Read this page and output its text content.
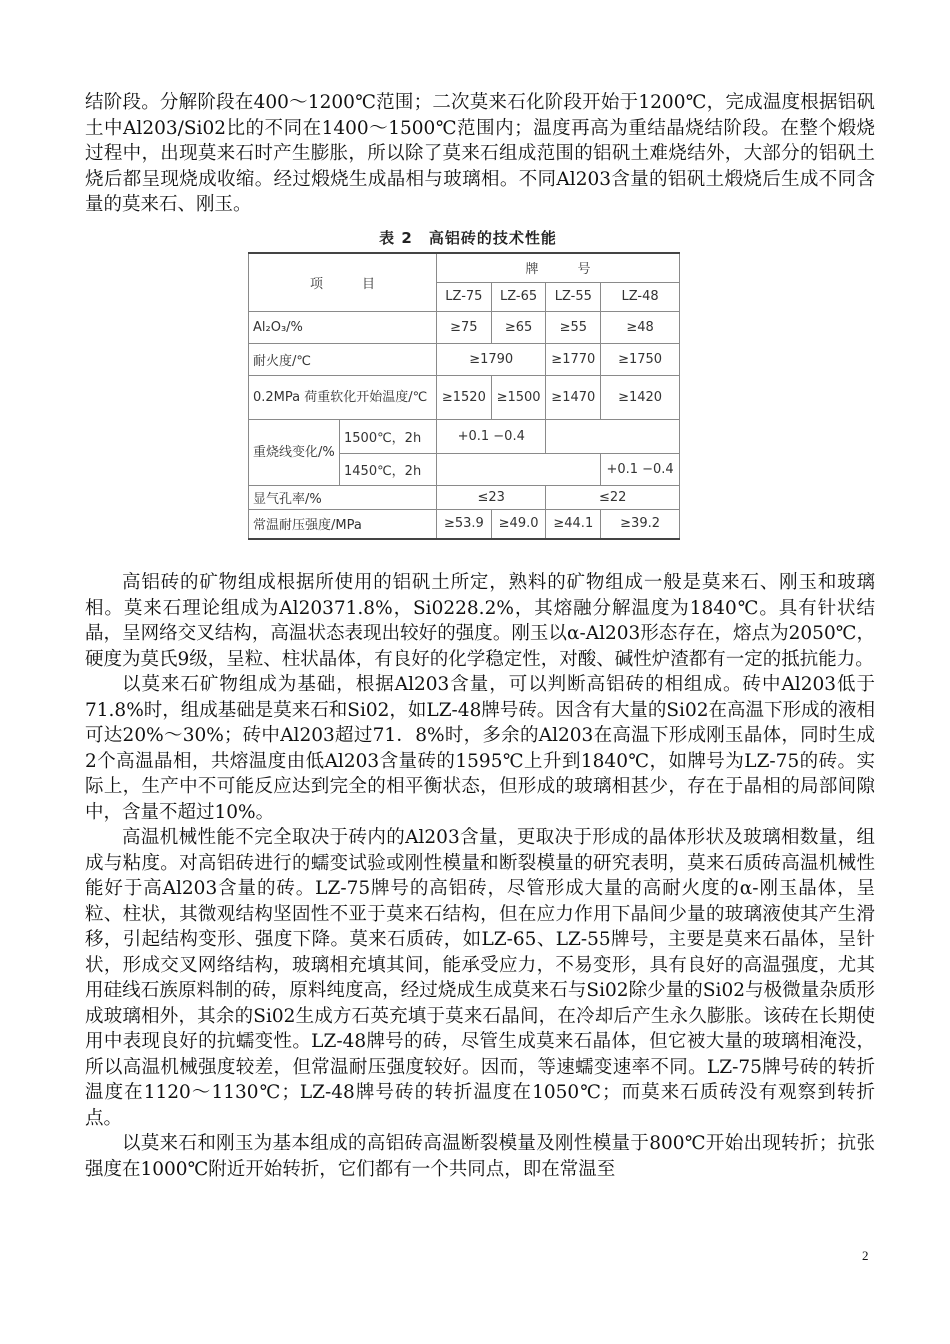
结阶段。分解阶段在400～1200℃范围；二次莫来石化阶段开始于1200℃，完成温度根据铝矾土中Al203/Si02比的不同在1400～1500℃范围内；温度再高为重结晶烧结阶段。在整个煅烧过程中，出现莫来石时产生膨胀，所以除了莫来石组成范围的铝矾土难烧结外，大部分的铝矾土烧后都呈现烧成收缩。经过煅烧生成晶相与玻璃相。不同Al203含量的铝矾土煅烧后生成不同含量的莫来石、刚玉。

表 2　高铝砖的技术性能
项　　　目		牌　　　号			
		LZ-75	LZ-65	LZ-55	LZ-48
Al₂O₃/%		≥75	≥65	≥55	≥48
耐火度/℃		≥1790		≥1770	≥1750
0.2MPa 荷重软化开始温度/℃		≥1520	≥1500	≥1470	≥1420
重烧线变化/%	1500℃，2h	+0.1 −0.4			
	1450℃，2h				+0.1 −0.4
显气孔率/%		≤23		≤22	
常温耐压强度/MPa		≥53.9	≥49.0	≥44.1	≥39.2

高铝砖的矿物组成根据所使用的铝矾土所定，熟料的矿物组成一般是莫来石、刚玉和玻璃相。莫来石理论组成为Al20371.8%，Si0228.2%，其熔融分解温度为1840℃。具有针状结晶，呈网络交叉结构，高温状态表现出较好的强度。刚玉以α-Al203形态存在，熔点为2050℃，硬度为莫氏9级，呈粒、柱状晶体，有良好的化学稳定性，对酸、碱性炉渣都有一定的抵抗能力。

以莫来石矿物组成为基础，根据Al203含量，可以判断高铝砖的相组成。砖中Al203低于71.8%时，组成基础是莫来石和Si02，如LZ-48牌号砖。因含有大量的Si02在高温下形成的液相可达20%～30%；砖中Al203超过71．8%时，多余的Al203在高温下形成刚玉晶体，同时生成2个高温晶相，共熔温度由低Al203含量砖的1595℃上升到1840℃，如牌号为LZ-75的砖。实际上，生产中不可能反应达到完全的相平衡状态，但形成的玻璃相甚少，存在于晶相的局部间隙中，含量不超过10%。

高温机械性能不完全取决于砖内的Al203含量，更取决于形成的晶体形状及玻璃相数量，组成与粘度。对高铝砖进行的蠕变试验或刚性模量和断裂模量的研究表明，莫来石质砖高温机械性能好于高Al203含量的砖。LZ-75牌号的高铝砖，尽管形成大量的高耐火度的α-刚玉晶体，呈粒、柱状，其微观结构坚固性不亚于莫来石结构，但在应力作用下晶间少量的玻璃液使其产生滑移，引起结构变形、强度下降。莫来石质砖，如LZ-65、LZ-55牌号，主要是莫来石晶体，呈针状，形成交叉网络结构，玻璃相充填其间，能承受应力，不易变形，具有良好的高温强度，尤其用硅线石族原料制的砖，原料纯度高，经过烧成生成莫来石与Si02除少量的Si02与极微量杂质形成玻璃相外，其余的Si02生成方石英充填于莫来石晶间，在冷却后产生永久膨胀。该砖在长期使用中表现良好的抗蠕变性。LZ-48牌号的砖，尽管生成莫来石晶体，但它被大量的玻璃相淹没，所以高温机械强度较差，但常温耐压强度较好。因而，等速蠕变速率不同。LZ-75牌号砖的转折温度在1120～1130℃；LZ-48牌号砖的转折温度在1050℃；而莫来石质砖没有观察到转折点。

以莫来石和刚玉为基本组成的高铝砖高温断裂模量及刚性模量于800℃开始出现转折；抗张强度在1000℃附近开始转折，它们都有一个共同点，即在常温至

2
